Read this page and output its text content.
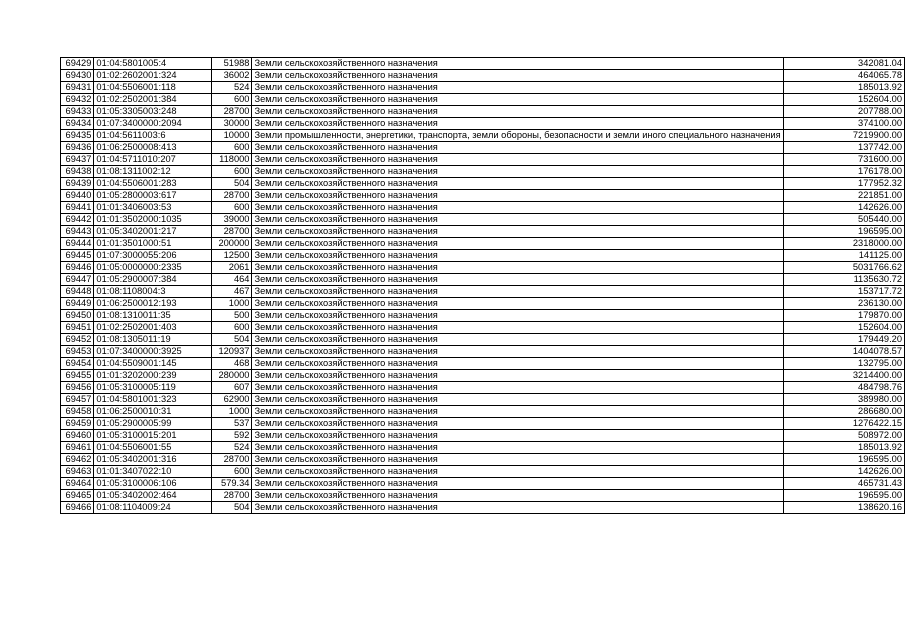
69429	01:04:5801005:4	51988	Земли сельскохозяйственного назначения	342081.04
69430	01:02:2602001:324	36002	Земли сельскохозяйственного назначения	464065.78
69431	01:04:5506001:118	524	Земли сельскохозяйственного назначения	185013.92
69432	01:02:2502001:384	600	Земли сельскохозяйственного назначения	152604.00
69433	01:05:3305003:248	28700	Земли сельскохозяйственного назначения	207788.00
69434	01:07:3400000:2094	30000	Земли сельскохозяйственного назначения	374100.00
69435	01:04:5611003:6	10000	Земли промышленности, энергетики, транспорта, земли обороны, безопасности и земли иного специального назначения	7219900.00
69436	01:06:2500008:413	600	Земли сельскохозяйственного назначения	137742.00
69437	01:04:5711010:207	118000	Земли сельскохозяйственного назначения	731600.00
69438	01:08:1311002:12	600	Земли сельскохозяйственного назначения	176178.00
69439	01:04:5506001:283	504	Земли сельскохозяйственного назначения	177952.32
69440	01:05:2800003:617	28700	Земли сельскохозяйственного назначения	221851.00
69441	01:01:3406003:53	600	Земли сельскохозяйственного назначения	142626.00
69442	01:01:3502000:1035	39000	Земли сельскохозяйственного назначения	505440.00
69443	01:05:3402001:217	28700	Земли сельскохозяйственного назначения	196595.00
69444	01:01:3501000:51	200000	Земли сельскохозяйственного назначения	2318000.00
69445	01:07:3000055:206	12500	Земли сельскохозяйственного назначения	141125.00
69446	01:05:0000000:2335	2061	Земли сельскохозяйственного назначения	5031766.62
69447	01:05:2900007:384	464	Земли сельскохозяйственного назначения	1135630.72
69448	01:08:1108004:3	467	Земли сельскохозяйственного назначения	153717.72
69449	01:06:2500012:193	1000	Земли сельскохозяйственного назначения	236130.00
69450	01:08:1310011:35	500	Земли сельскохозяйственного назначения	179870.00
69451	01:02:2502001:403	600	Земли сельскохозяйственного назначения	152604.00
69452	01:08:1305011:19	504	Земли сельскохозяйственного назначения	179449.20
69453	01:07:3400000:3925	120937	Земли сельскохозяйственного назначения	1404078.57
69454	01:04:5509001:145	468	Земли сельскохозяйственного назначения	132795.00
69455	01:01:3202000:239	280000	Земли сельскохозяйственного назначения	3214400.00
69456	01:05:3100005:119	607	Земли сельскохозяйственного назначения	484798.76
69457	01:04:5801001:323	62900	Земли сельскохозяйственного назначения	389980.00
69458	01:06:2500010:31	1000	Земли сельскохозяйственного назначения	286680.00
69459	01:05:2900005:99	537	Земли сельскохозяйственного назначения	1276422.15
69460	01:05:3100015:201	592	Земли сельскохозяйственного назначения	508972.00
69461	01:04:5506001:55	524	Земли сельскохозяйственного назначения	185013.92
69462	01:05:3402001:316	28700	Земли сельскохозяйственного назначения	196595.00
69463	01:01:3407022:10	600	Земли сельскохозяйственного назначения	142626.00
69464	01:05:3100006:106	579.34	Земли сельскохозяйственного назначения	465731.43
69465	01:05:3402002:464	28700	Земли сельскохозяйственного назначения	196595.00
69466	01:08:1104009:24	504	Земли сельскохозяйственного назначения	138620.16
